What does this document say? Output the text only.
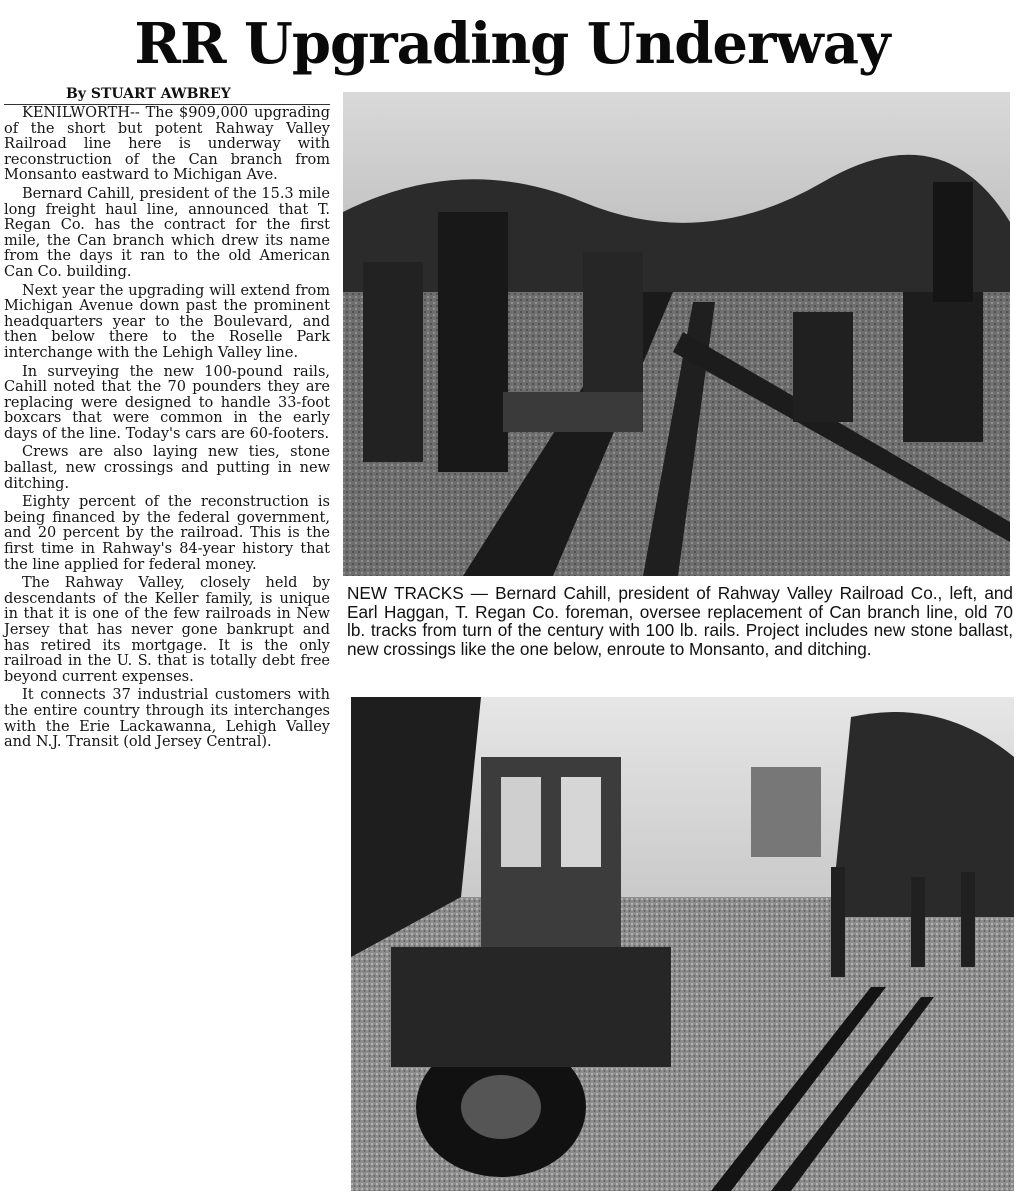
RR Upgrading Underway
By STUART AWBREY

KENILWORTH-- The $909,000 upgrading of the short but potent Rahway Valley Railroad line here is underway with reconstruction of the Can branch from Monsanto eastward to Michigan Ave.

Bernard Cahill, president of the 15.3 mile long freight haul line, announced that T. Regan Co. has the contract for the first mile, the Can branch which drew its name from the days it ran to the old American Can Co. building.

Next year the upgrading will extend from Michigan Avenue down past the prominent headquarters year to the Boulevard, and then below there to the Roselle Park interchange with the Lehigh Valley line.

In surveying the new 100-pound rails, Cahill noted that the 70 pounders they are replacing were designed to handle 33-foot boxcars that were common in the early days of the line. Today's cars are 60-footers.

Crews are also laying new ties, stone ballast, new crossings and putting in new ditching.

Eighty percent of the reconstruction is being financed by the federal government, and 20 percent by the railroad. This is the first time in Rahway's 84-year history that the line applied for federal money.

The Rahway Valley, closely held by descendants of the Keller family, is unique in that it is one of the few railroads in New Jersey that has never gone bankrupt and has retired its mortgage. It is the only railroad in the U. S. that is totally debt free beyond current expenses.

It connects 37 industrial customers with the entire country through its interchanges with the Erie Lackawanna, Lehigh Valley and N.J. Transit (old Jersey Central).

NEW TRACKS — Bernard Cahill, president of Rahway Valley Railroad Co., left, and Earl Haggan, T. Regan Co. foreman, oversee replacement of Can branch line, old 70 lb. tracks from turn of the century with 100 lb. rails. Project includes new stone ballast, new crossings like the one below, enroute to Monsanto, and ditching.
